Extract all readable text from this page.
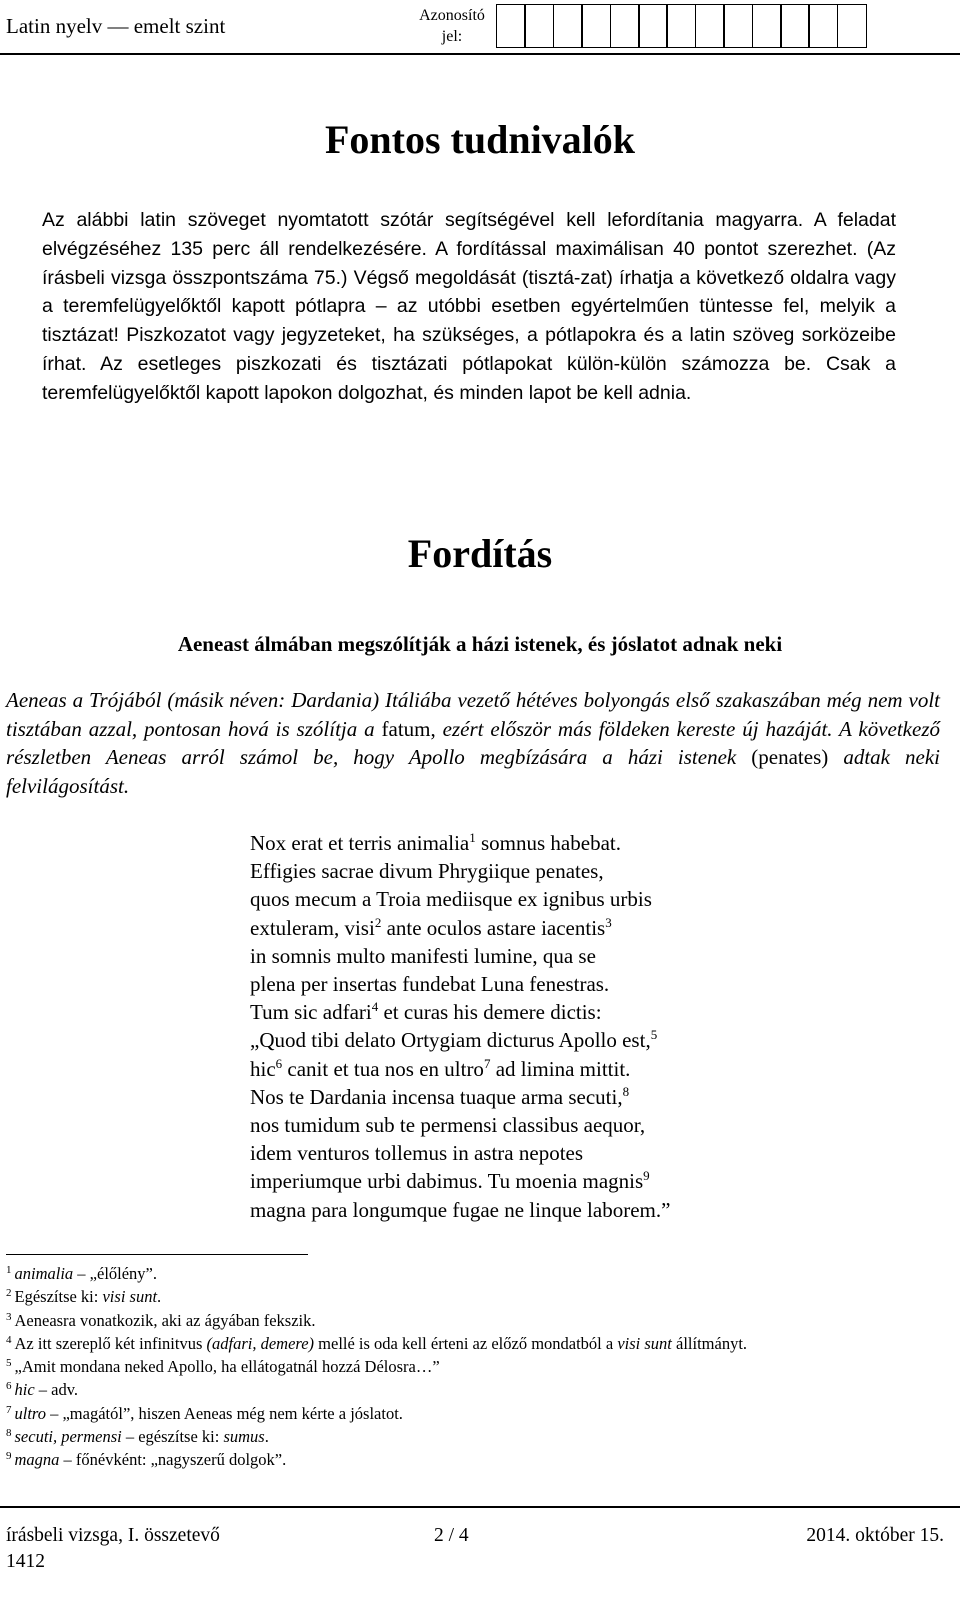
Latin nyelv — emelt szint	Azonosító jel:
Fontos tudnivalók
Az alábbi latin szöveget nyomtatott szótár segítségével kell lefordítania magyarra. A feladat elvégzéséhez 135 perc áll rendelkezésére. A fordítással maximálisan 40 pontot szerezhet. (Az írásbeli vizsga összpontszáma 75.) Végső megoldását (tisztá-zat) írhatja a következő oldalra vagy a teremfelügyelőktől kapott pótlapra – az utóbbi esetben egyértelműen tüntesse fel, melyik a tisztázat! Piszkozatot vagy jegyzeteket, ha szükséges, a pótlapokra és a latin szöveg sorközeibe írhat. Az esetleges piszkozati és tisztázati pótlapokat külön-külön számozza be. Csak a teremfelügyelőktől kapott lapokon dolgozhat, és minden lapot be kell adnia.
Fordítás
Aeneast álmában megszólítják a házi istenek, és jóslatot adnak neki
Aeneas a Trójából (másik néven: Dardania) Itáliába vezető hétéves bolyongás első szakaszában még nem volt tisztában azzal, pontosan hová is szólítja a fatum, ezért először más földeken kereste új hazáját. A következő részletben Aeneas arról számol be, hogy Apollo megbízására a házi istenek (penates) adtak neki felvilágosítást.
Nox erat et terris animalia$^1$ somnus habebat.
Effigies sacrae divum Phrygiique penates,
quos mecum a Troia mediisque ex ignibus urbis
extuleram, visi$^2$ ante oculos astare iacentis$^3$
in somnis multo manifesti lumine, qua se
plena per insertas fundebat Luna fenestras.
Tum sic adfari$^4$ et curas his demere dictis:
„Quod tibi delato Ortygiam dicturus Apollo est,$^5$
hic$^6$ canit et tua nos en ultro$^7$ ad limina mittit.
Nos te Dardania incensa tuaque arma secuti,$^8$
nos tumidum sub te permensi classibus aequor,
idem venturos tollemus in astra nepotes
imperiumque urbi dabimus. Tu moenia magnis$^9$
magna para longumque fugae ne linque laborem.”
$^1$ animalia – „élőlény”.
$^2$ Egészítse ki: visi sunt.
$^3$ Aeneasra vonatkozik, aki az ágyában fekszik.
$^4$ Az itt szereplő két infinitvus (adfari, demere) mellé is oda kell érteni az előző mondatból a visi sunt állítmányt.
$^5$ „Amit mondana neked Apollo, ha ellátogatnál hozzá Délosra…”
$^6$ hic – adv.
$^7$ ultro – „magától”, hiszen Aeneas még nem kérte a jóslatot.
$^8$ secuti, permensi – egészítse ki: sumus.
$^9$ magna – főnévként: „nagyszerű dolgok”.
írásbeli vizsga, I. összetevő	2 / 4	2014. október 15.
1412
